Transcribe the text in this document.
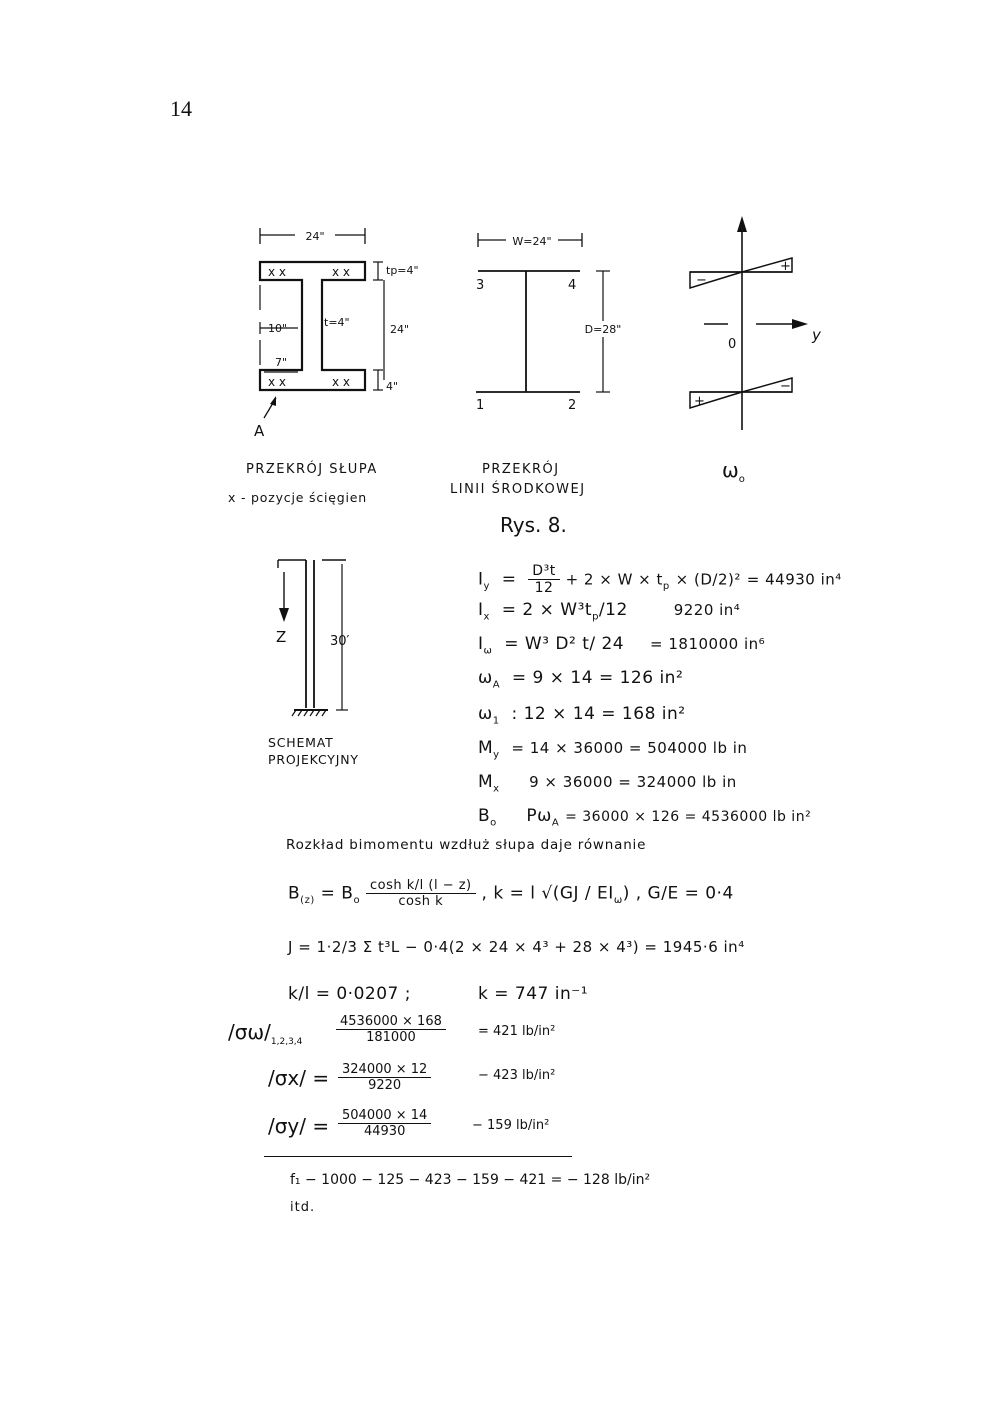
14
24"
x x	x x
x x	x x
tp=4"
24"
4"
10"	t=4"
7"
A
PRZEKRÓJ SŁUPA
x - pozycje ścięgien
W=24"
3	4
1	2
D=28"
PRZEKRÓJ
LINII ŚRODKOWEJ
−
+
y
0
+
−
$\omega_o$
Rys. 8.
Z	30′
SCHEMAT
PROJEKCYJNY
$I_y = \frac{\text{D³t}}{12} + 2 \times W \times t_p \times (D/2)^2 = 44930$ in⁴
$I_x = 2 \times W^3t_p/12$	9220 in⁴
$I_\omega = W^3$ D² t/ 24 = 1810000 in⁶
$\omega_A = 9 \times 14 = 126$ in²
$\omega_1$ : 12 × 14 = 168 in²
$M_y = 14 \times 36000 = 504000$ lb in
$M_x$ 9 × 36000 = 324000 lb in
$B_o$ $P\omega_A = 36000 \times 126 = 4536000$ lb in²
Rozkład bimomentu wzdłuż słupa daje równanie
$B_{(z)} = B_o \frac{\text{cosh k/l (l − z)}}{\text{cosh k}}$ , k = l $√(GJ / EI_\omega)$ , G/E = 0·4
J = 1·2/3 Σ t³L − 0·4(2 × 24 × 4³ + 28 × 4³) = 1945·6 in⁴
k/l = 0·0207 ;	k = 747 in⁻¹
$/\sigma\omega/_{1,2,3,4}$	$\frac{4536000 \times 168}{181000} = 421$ lb/in²
$/\sigma x/ = \frac{324000 \times 12}{9220}$	− 423 lb/in²
$/\sigma y/ = \frac{504000 \times 14}{44930}$	− 159 lb/in²
f₁ − 1000 − 125 − 423 − 159 − 421 = − 128 lb/in²
itd.
